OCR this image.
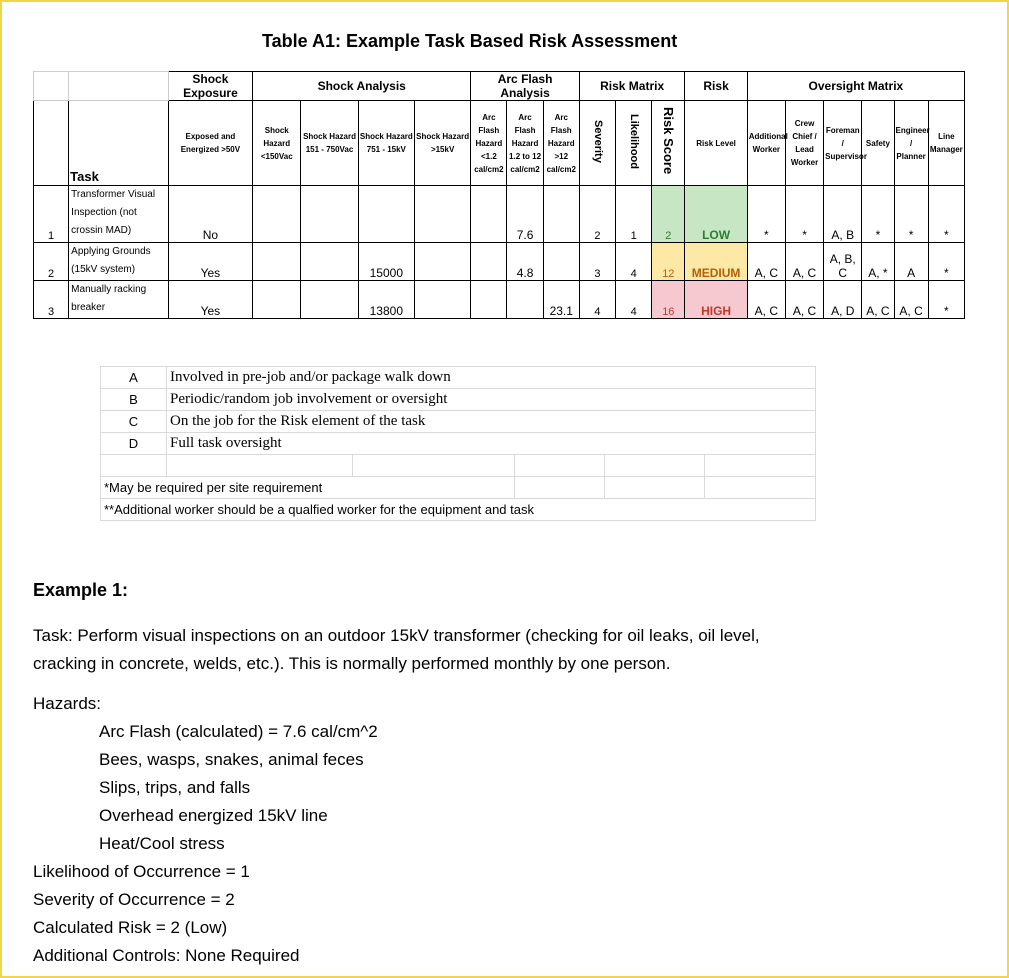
Table A1: Example Task Based Risk Assessment
		Shock Exposure	Shock Analysis				Arc Flash Analysis			Risk Matrix			Risk	Oversight Matrix					
	Task	Exposed and Energized >50V	Shock Hazard <150Vac	Shock Hazard 151 - 750Vac	Shock Hazard 751 - 15kV	Shock Hazard >15kV	Arc Flash Hazard <1.2 cal/cm2	Arc Flash Hazard 1.2 to 12 cal/cm2	Arc Flash Hazard >12 cal/cm2	Severity	Likelihood	Risk Score	Risk Level	Additional Worker	Crew Chief / Lead Worker	Foreman / Supervisor	Safety	Engineer / Planner	Line Manager
1	Transformer Visual Inspection (not crossin MAD)	No						7.6		2	1	2	LOW	*	*	A, B	*	*	*
2	Applying Grounds (15kV system)	Yes			15000			4.8		3	4	12	MEDIUM	A, C	A, C	A, B, C	A, *	A	*
3	Manually racking breaker	Yes			13800				23.1	4	4	16	HIGH	A, C	A, C	A, D	A, C	A, C	*
A	Involved in pre-job and/or package walk down				
B	Periodic/random job involvement or oversight				
C	On the job for the Risk element of the task				
D	Full task oversight				

*May be required per site requirement					
**Additional worker should be a qualfied worker for the equipment and task					
Example 1:
Task: Perform visual inspections on an outdoor 15kV transformer (checking for oil leaks, oil level,
cracking in concrete, welds, etc.). This is normally performed monthly by one person.
Hazards:
Arc Flash (calculated) = 7.6 cal/cm^2
Bees, wasps, snakes, animal feces
Slips, trips, and falls
Overhead energized 15kV line
Heat/Cool stress
Likelihood of Occurrence = 1
Severity of Occurrence = 2
Calculated Risk = 2 (Low)
Additional Controls: None Required
